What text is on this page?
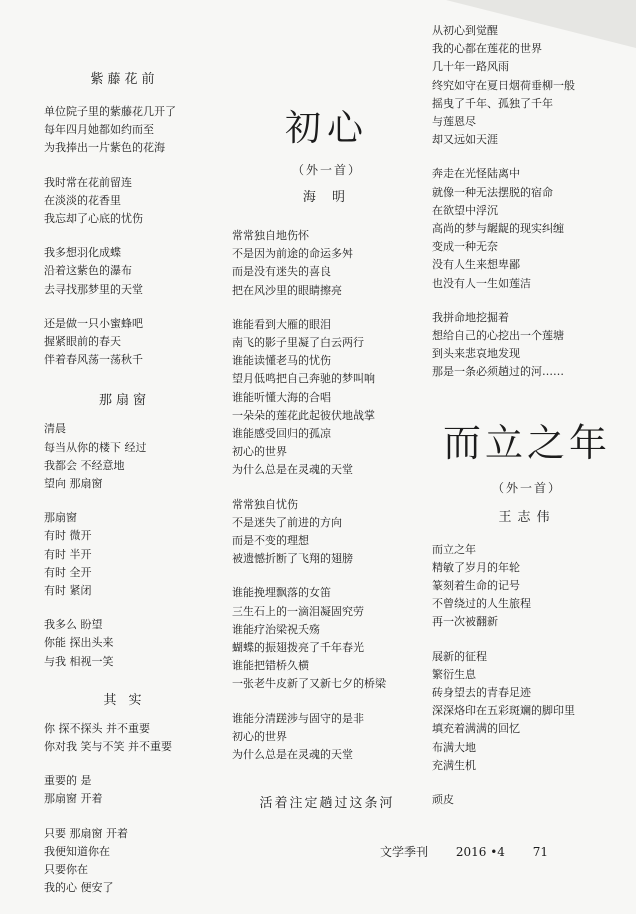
紫藤花前
单位院子里的紫藤花几开了
每年四月她都如约而至
为我捧出一片紫色的花海
我时常在花前留连
在淡淡的花香里
我忘却了心底的忧伤
我多想羽化成蝶
沿着这紫色的瀑布
去寻找那梦里的天堂
还是做一只小蜜蜂吧
握紧眼前的春天
伴着春风荡一荡秋千
那扇窗
清晨
每当从你的楼下 经过
我都会 不经意地
望向 那扇窗
那扇窗
有时 微开
有时 半开
有时 全开
有时 紧闭
我多么 盼望
你能 探出头来
与我 相视一笑
其 实
你 探不探头 并不重要
你对我 笑与不笑 并不重要
重要的 是
那扇窗 开着
只要 那扇窗 开着
我便知道你在
只要你在
我的心 便安了
初心
（外一首）
海 明
常常独自地伤怀
不是因为前途的命运多舛
而是没有迷失的喜良
把在风沙里的眼睛擦亮
谁能看到大雁的眼泪
南飞的影子里凝了白云两行
谁能读懂老马的忧伤
望月低鸣把自己奔驰的梦叫响
谁能听懂大海的合唱
一朵朵的莲花此起彼伏地战掌
谁能感受回归的孤凉
初心的世界
为什么总是在灵魂的天堂
常常独自忧伤
不是迷失了前进的方向
而是不变的理想
被遗憾折断了飞翔的翅膀
谁能挽埋飘落的女笛
三生石上的一滴泪凝固究劳
谁能疗治梁祝夭殇
蝴蝶的振翅拨亮了千年春光
谁能把错桥久横
一张老牛皮新了又新七夕的桥梁
谁能分清蹉涉与固守的是非
初心的世界
为什么总是在灵魂的天堂
活着注定趟过这条河
从初心到觉醒
我的心都在莲花的世界
几十年一路风雨
终究如守在夏日烟荷垂柳一般
摇曳了千年、孤独了千年
与莲恩尽
却又远如天涯
奔走在光怪陆离中
就像一种无法摆脱的宿命
在欲望中浮沉
高尚的梦与龌龊的现实纠缠
变成一种无奈
没有人生来想卑鄙
也没有人一生如莲洁
我拼命地挖掘着
想给自己的心挖出一个莲塘
到头来悲哀地发现
那是一条必须趟过的河……
而立之年
（外一首）
王志伟
而立之年
精敏了岁月的年轮
篆刻着生命的记号
不曾绕过的人生旅程
再一次被翻新
展新的征程
繁衍生息
砖身望去的青春足迹
深深烙印在五彩斑斓的脚印里
填充着满满的回忆
布满大地
充满生机
顽皮
文学季刊 2016 •4 71
